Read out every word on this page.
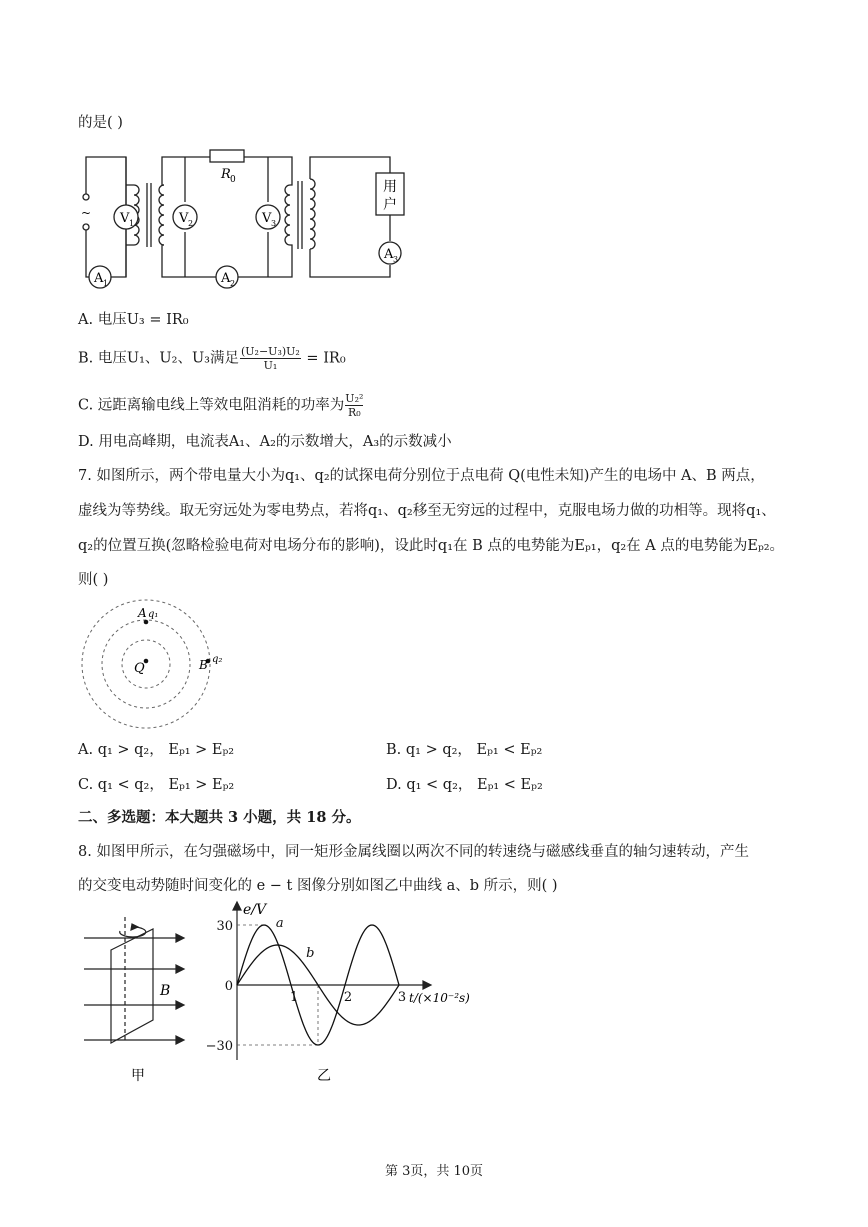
的是( )
~
R 0	用
户
V 1	V 2	V 3
A 1	A 2
A 3
A. 电压U₃ = IR₀
B. 电压U₁、U₂、U₃满足 $\frac{\text{(U₂−U₃)U₂}}{\text{U₁}} = IR_0$
C. 远距离输电线上等效电阻消耗的功率为 $\frac{\text{U₂²}}{\text{R₀}}$
D. 用电高峰期，电流表A₁、A₂的示数增大，A₃的示数减小
7. 如图所示，两个带电量大小为q₁、q₂的试探电荷分别位于点电荷 Q(电性未知)产生的电场中 A、B 两点，
虚线为等势线。取无穷远处为零电势点，若将q₁、q₂移至无穷远的过程中，克服电场力做的功相等。现将q₁、
q₂的位置互换(忽略检验电荷对电场分布的影响)，设此时q₁在 B 点的电势能为Eₚ₁，q₂在 A 点的电势能为Eₚ₂。
则( )
A q₁
B q₂
Q
A. q₁ > q₂， Eₚ₁ > Eₚ₂	B. q₁ > q₂， Eₚ₁ < Eₚ₂
C. q₁ < q₂， Eₚ₁ > Eₚ₂	D. q₁ < q₂， Eₚ₁ < Eₚ₂
二、多选题：本大题共 3 小题，共 18 分。
8. 如图甲所示，在匀强磁场中，同一矩形金属线圈以两次不同的转速绕与磁感线垂直的轴匀速转动，产生
的交变电动势随时间变化的 e − t 图像分别如图乙中曲线 a、b 所示，则( )
B
甲
30
0
−30
1	2	3
a
b
e/V
t/(×10⁻²s)
乙
第 3页，共 10页
